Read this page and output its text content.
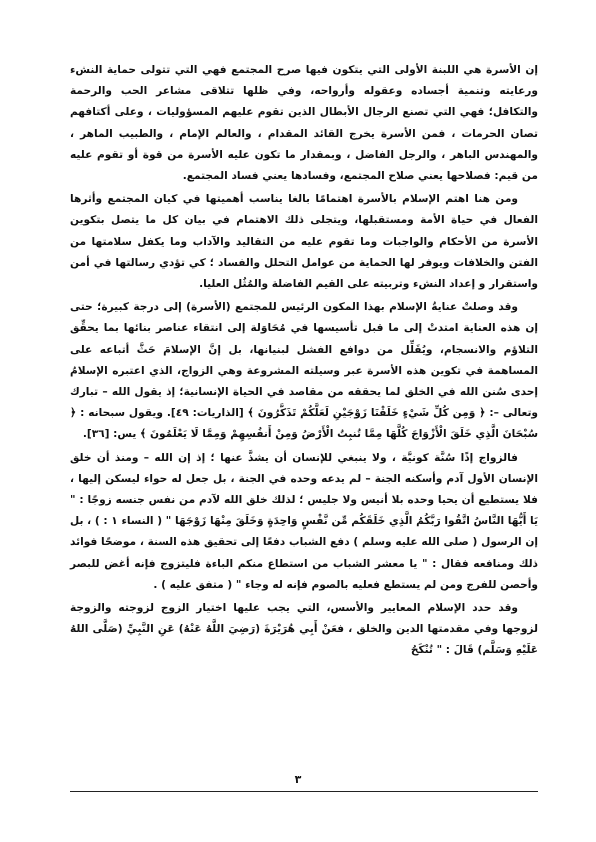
إن الأسرة هي اللبنة الأولى التي يتكون فيها صرح المجتمع فهي التي تتولى حماية النشء ورعايته وتنمية أجساده وعقوله وأرواحه، وفي ظلها تتلاقى مشاعر الحب والرحمة والتكافل؛ فهي التي تصنع الرجال الأبطال الذين تقوم عليهم المسؤوليات ، وعلى أكتافهم تصان الحرمات ، فمن الأسرة يخرج القائد المقدام ، والعالم الإمام ، والطبيب الماهر ، والمهندس الباهر ، والرجل الفاضل ، وبمقدار ما تكون عليه الأسرة من قوة أو تقوم عليه من قيم: فصلاحها يعني صلاح المجتمع، وفسادها يعني فساد المجتمع.

ومن هنا اهتم الإسلام بالأسرة اهتمامًا بالغا يناسب أهميتها في كيان المجتمع وأثرها الفعال في حياة الأمة ومستقبلها، ويتجلى ذلك الاهتمام في بيان كل ما يتصل بتكوين الأسرة من الأحكام والواجبات وما تقوم عليه من التقاليد والآداب وما يكفل سلامتها من الفتن والخلافات ويوفر لها الحماية من عوامل التحلل والفساد ؛ كي تؤدي رسالتها في أمن واستقرار و إعداد النشء وتربيته على القيم الفاضلة والمُثُل العليا.

وقد وصلتْ عنايةُ الإسلام بهذا المكون الرئيس للمجتمع (الأسرة) إلى درجة كبيرة؛ حتى إن هذه العناية امتدتْ إلى ما قبل تأسيسها في مُحَاوَلة إلى انتقاء عناصر بنائها بما يحقِّق التلاؤم والانسجام، ويُقَلِّل من دوافع الفشل لبنيانها، بل إنَّ الإسلامَ حَثَّ أتباعه على المساهمة في تكوين هذه الأسرة عبر وسيلته المشروعة وهي الزواج، الذي اعتبره الإسلامُ إحدى سُنن الله في الخلق لما يحققه من مقاصد في الحياة الإنسانية؛ إذ يقول الله – تبارك وتعالى –: ﴿ وَمِن كُلِّ شَيْءٍ خَلَقْنَا زَوْجَيْنِ لَعَلَّكُمْ تَذَكَّرُونَ ﴾ [الذاريات: ٤٩]. ويقول سبحانه : ﴿ سُبْحَانَ الَّذِي خَلَقَ الْأَزْوَاجَ كُلَّهَا مِمَّا تُنبِتُ الْأَرْضُ وَمِنْ أَنفُسِهِمْ وَمِمَّا لَا يَعْلَمُونَ ﴾ يس: [٣٦].

فالزواج إذًا سُنَّة كونيَّة ، ولا ينبغي للإنسان أن يشذَّ عنها ؛ إذ إن الله – ومنذ أن خلق الإنسان الأول آدم وأسكنه الجنة – لم يدعه وحده في الجنة ، بل جعل له حواء ليسكن إليها ، فلا يستطيع أن يحيا وحده بلا أنيس ولا جليس ؛ لذلك خلق الله لآدم من نفس جنسه زوجًا : " يَا أَيُّهَا النَّاسُ اتَّقُوا رَبَّكُمُ الَّذِي خَلَقَكُم مِّن نَّفْسٍ وَاحِدَةٍ وَخَلَقَ مِنْهَا زَوْجَهَا " ( النساء ١ : ) ، بل إن الرسول ( صلى الله عليه وسلم ) دفع الشباب دفعًا إلى تحقيق هذه السنة ، موضحًا فوائد ذلك ومنافعه فقال : " يا معشر الشباب من استطاع منكم الباءة فليتزوج فإنه أغض للبصر وأحصن للفرج ومن لم يستطع فعليه بالصوم فإنه له وجاء " ( متفق عليه ) .

وقد حدد الإسلام المعايير والأسس، التي يجب عليها اختيار الزوج لزوجته والزوجة لزوجها وفي مقدمتها الدين والخلق ، فعَنْ أَبِي هُرَيْرَةَ (رَضِيَ اللَّهُ عَنْهُ) عَنِ النَّبِيِّ (صَلَّى اللهُ عَلَيْهِ وَسَلَّم) قَالَ : " تُنْكَحُ

٣
